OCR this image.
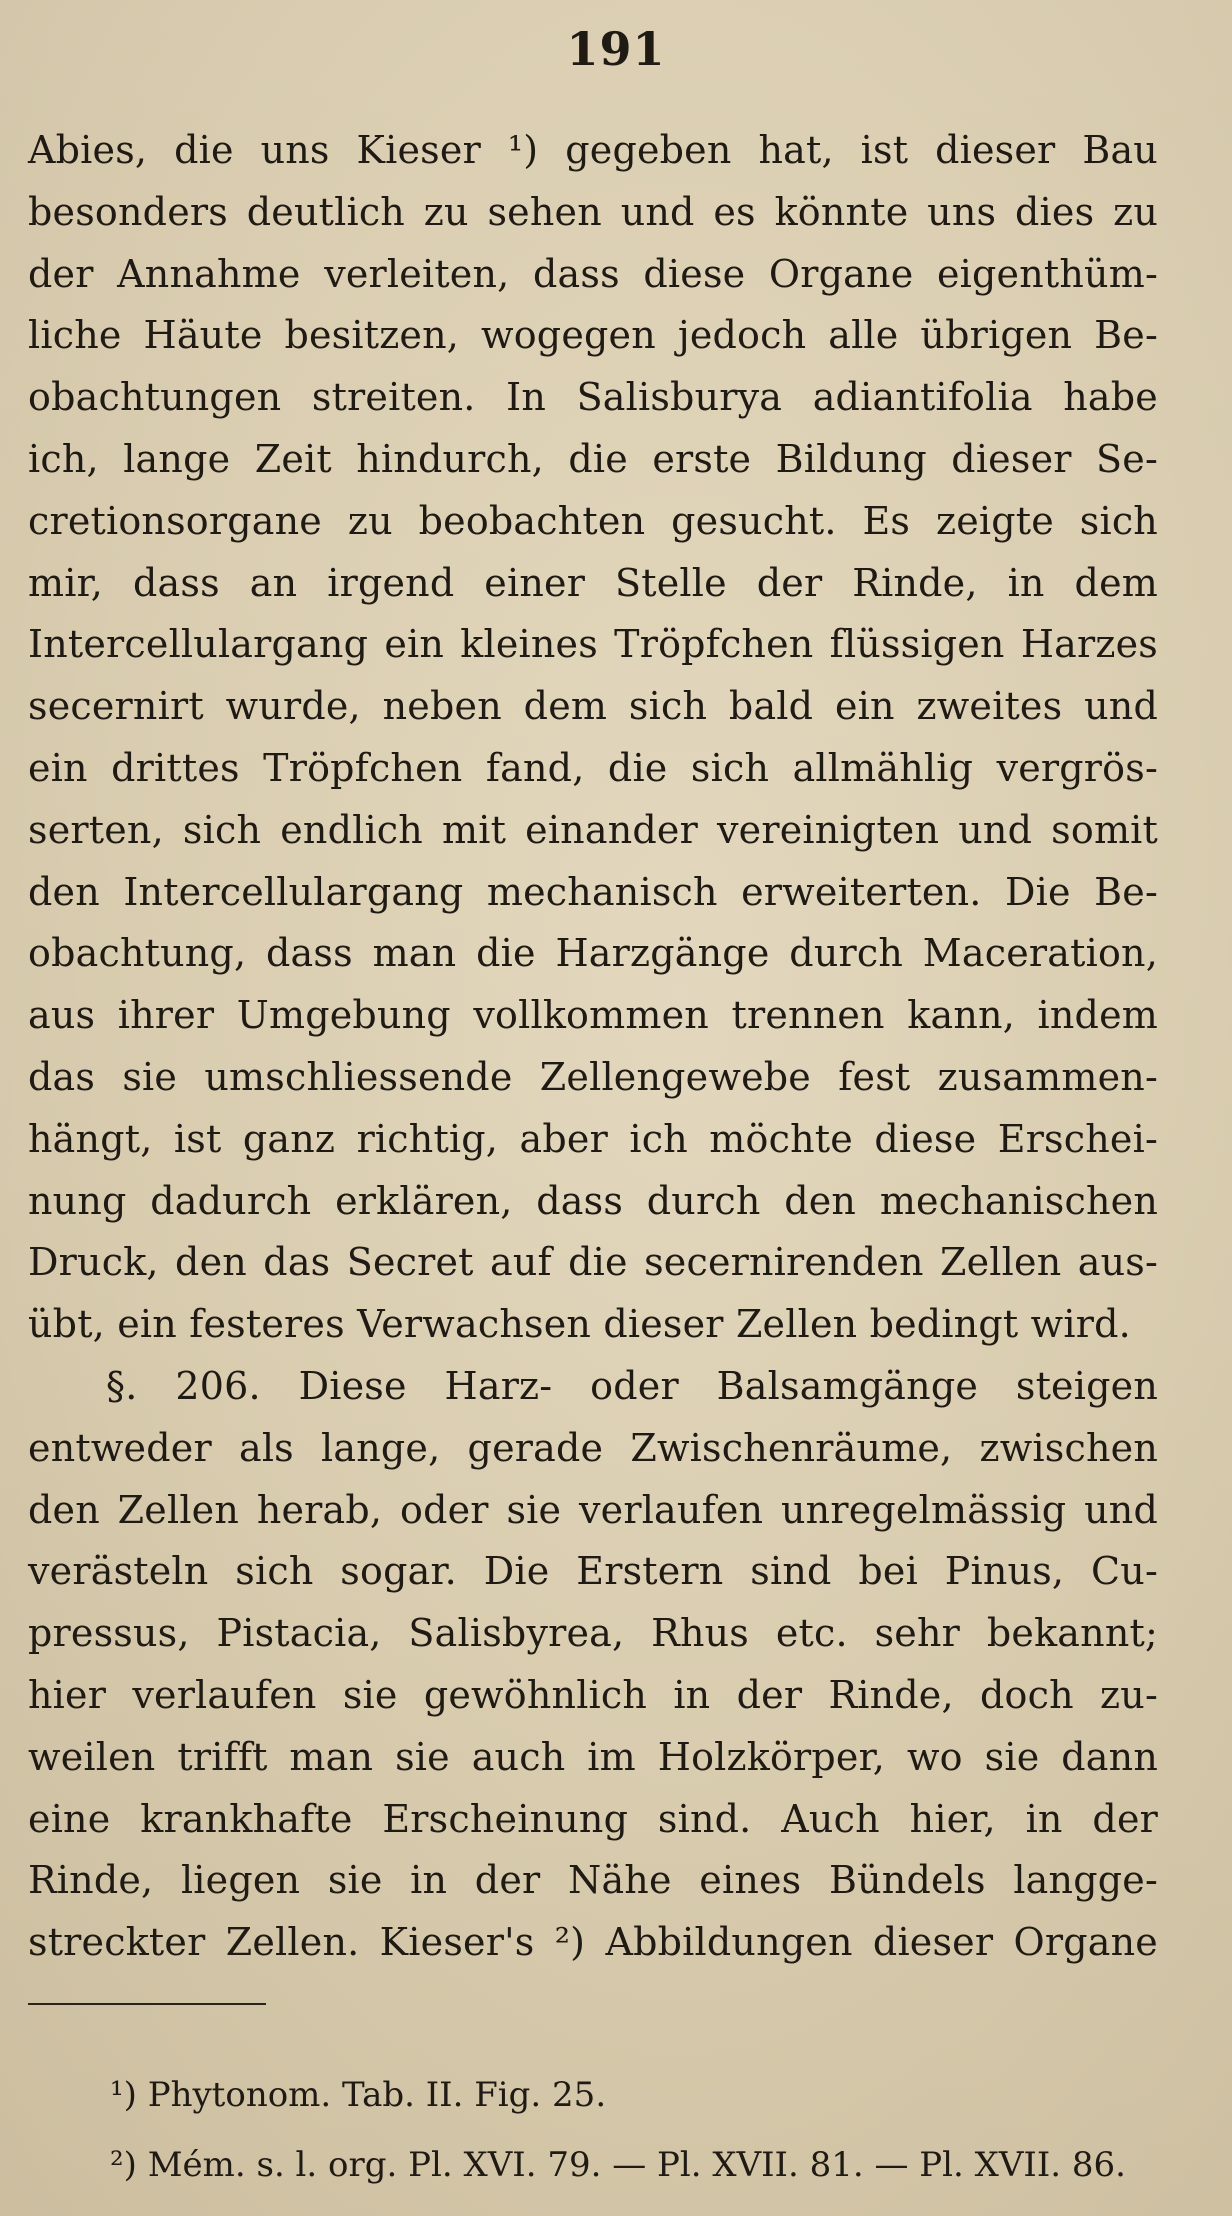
191
Abies, die uns Kieser ¹) gegeben hat, ist dieser Bau
besonders deutlich zu sehen und es könnte uns dies zu
der Annahme verleiten, dass diese Organe eigenthüm-
liche Häute besitzen, wogegen jedoch alle übrigen Be-
obachtungen streiten. In Salisburya adiantifolia habe
ich, lange Zeit hindurch, die erste Bildung dieser Se-
cretionsorgane zu beobachten gesucht. Es zeigte sich
mir, dass an irgend einer Stelle der Rinde, in dem
Intercellulargang ein kleines Tröpfchen flüssigen Harzes
secernirt wurde, neben dem sich bald ein zweites und
ein drittes Tröpfchen fand, die sich allmählig vergrös-
serten, sich endlich mit einander vereinigten und somit
den Intercellulargang mechanisch erweiterten. Die Be-
obachtung, dass man die Harzgänge durch Maceration,
aus ihrer Umgebung vollkommen trennen kann, indem
das sie umschliessende Zellengewebe fest zusammen-
hängt, ist ganz richtig, aber ich möchte diese Erschei-
nung dadurch erklären, dass durch den mechanischen
Druck, den das Secret auf die secernirenden Zellen aus-
übt, ein festeres Verwachsen dieser Zellen bedingt wird.
§. 206. Diese Harz- oder Balsamgänge steigen
entweder als lange, gerade Zwischenräume, zwischen
den Zellen herab, oder sie verlaufen unregelmässig und
verästeln sich sogar. Die Erstern sind bei Pinus, Cu-
pressus, Pistacia, Salisbyrea, Rhus etc. sehr bekannt;
hier verlaufen sie gewöhnlich in der Rinde, doch zu-
weilen trifft man sie auch im Holzkörper, wo sie dann
eine krankhafte Erscheinung sind. Auch hier, in der
Rinde, liegen sie in der Nähe eines Bündels langge-
streckter Zellen. Kieser's ²) Abbildungen dieser Organe
¹) Phytonom. Tab. II. Fig. 25.
²) Mém. s. l. org. Pl. XVI. 79. — Pl. XVII. 81. — Pl. XVII. 86.
